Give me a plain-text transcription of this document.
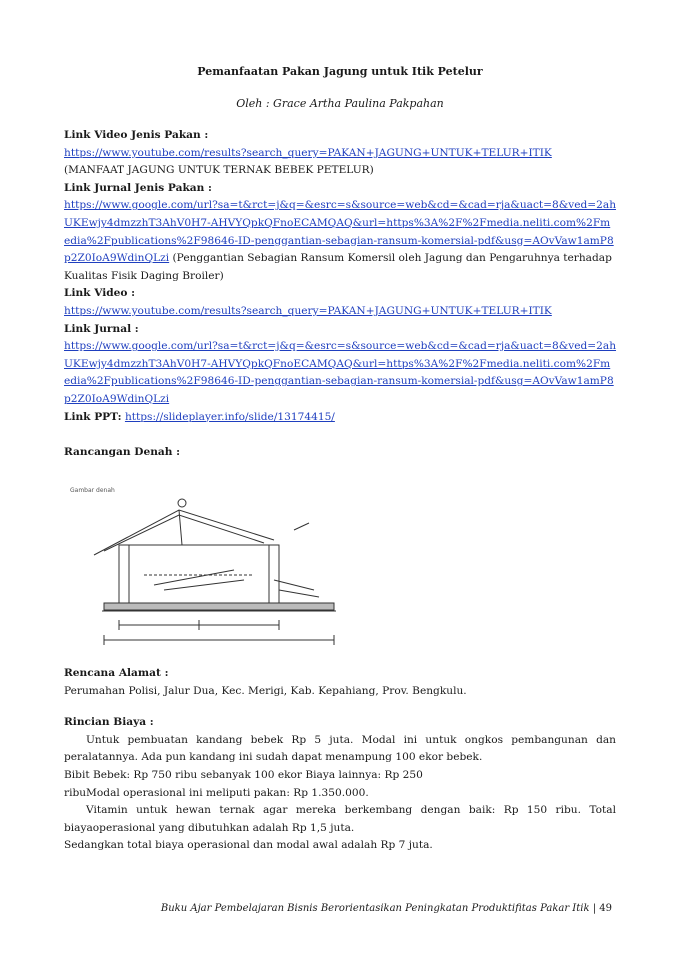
Pemanfaatan Pakan Jagung untuk Itik Petelur
Oleh : Grace Artha Paulina Pakpahan
Link Video Jenis Pakan :
https://www.youtube.com/results?search_query=PAKAN+JAGUNG+UNTUK+TELUR+ITIK
(MANFAAT JAGUNG UNTUK TERNAK BEBEK PETELUR)
Link Jurnal Jenis Pakan :
https://www.google.com/url?sa=t&rct=j&q=&esrc=s&source=web&cd=&cad=rja&uact=8&ved=2ahUKEwjy4dmzzhT3AhV0H7-AHVYQpkQFnoECAMQAQ&url=https%3A%2F%2Fmedia.neliti.com%2Fmedia%2Fpublications%2F98646-ID-penggantian-sebagian-ransum-komersial-pdf&usg=AOvVaw1amP8p2Z0IoA9WdinQLzi (Penggantian Sebagian Ransum Komersil oleh Jagung dan Pengaruhnya terhadap Kualitas Fisik Daging Broiler)
Link Video :
https://www.youtube.com/results?search_query=PAKAN+JAGUNG+UNTUK+TELUR+ITIK
Link Jurnal :
https://www.google.com/url?sa=t&rct=j&q=&esrc=s&source=web&cd=&cad=rja&uact=8&ved=2ahUKEwjy4dmzzhT3AhV0H7-AHVYQpkQFnoECAMQAQ&url=https%3A%2F%2Fmedia.neliti.com%2Fmedia%2Fpublications%2F98646-ID-penggantian-sebagian-ransum-komersial-pdf&usg=AOvVaw1amP8p2Z0IoA9WdinQLzi
Link PPT: https://slideplayer.info/slide/13174415/
Rancangan Denah :
Gambar denah
Rencana Alamat :
Perumahan Polisi, Jalur Dua, Kec. Merigi, Kab. Kepahiang, Prov. Bengkulu.
Rincian Biaya :
Untuk pembuatan kandang bebek Rp 5 juta. Modal ini untuk ongkos pembangunan dan peralatannya. Ada pun kandang ini sudah dapat menampung 100 ekor bebek.
Bibit Bebek: Rp 750 ribu sebanyak 100 ekor Biaya lainnya: Rp 250
ribuModal operasional ini meliputi pakan: Rp 1.350.000.
Vitamin untuk hewan ternak agar mereka berkembang dengan baik: Rp 150 ribu. Total biayaoperasional yang dibutuhkan adalah Rp 1,5 juta.
Sedangkan total biaya operasional dan modal awal adalah Rp 7 juta.
Buku Ajar Pembelajaran Bisnis Berorientasikan Peningkatan Produktifitas Pakar Itik | 49
